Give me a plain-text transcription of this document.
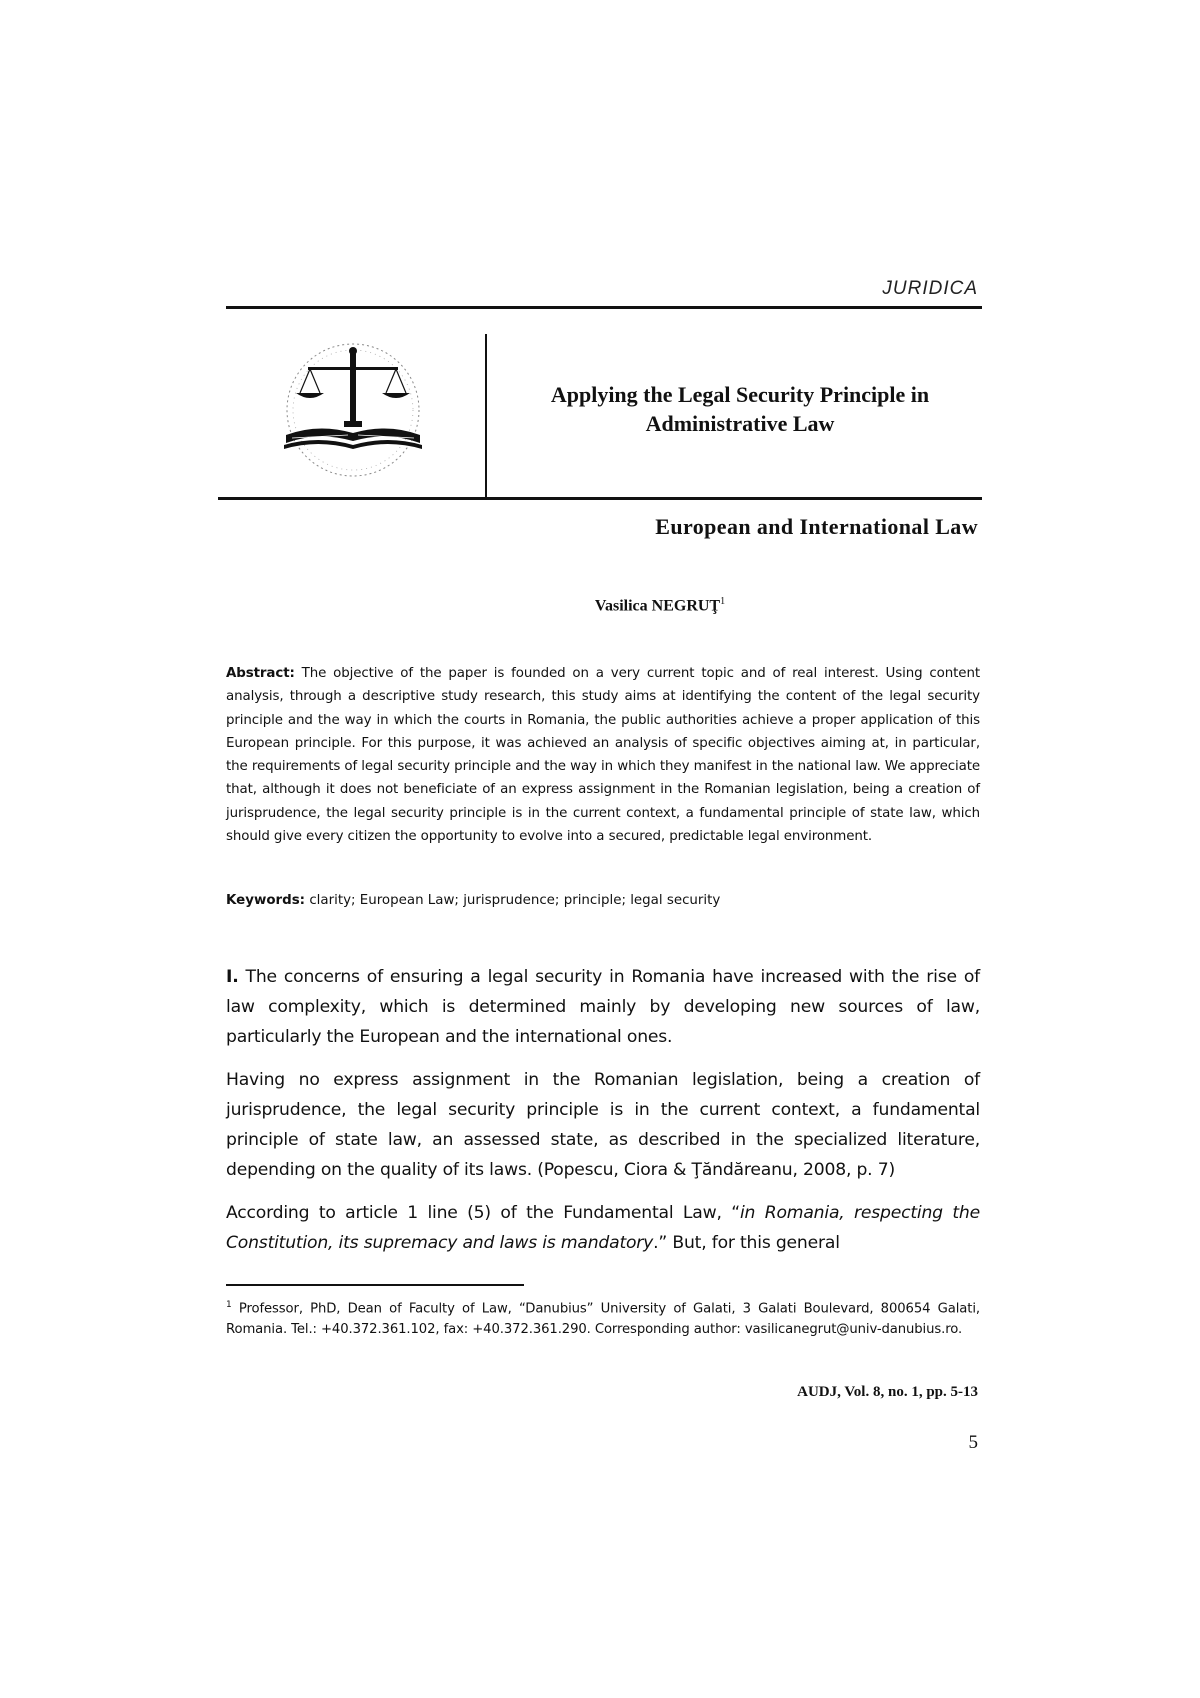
JURIDICA
Applying the Legal Security Principle in
Administrative Law
European and International Law
Vasilica NEGRUŢ$^1$
Abstract: The objective of the paper is founded on a very current topic and of real interest. Using content analysis, through a descriptive study research, this study aims at identifying the content of the legal security principle and the way in which the courts in Romania, the public authorities achieve a proper application of this European principle. For this purpose, it was achieved an analysis of specific objectives aiming at, in particular, the requirements of legal security principle and the way in which they manifest in the national law. We appreciate that, although it does not beneficiate of an express assignment in the Romanian legislation, being a creation of jurisprudence, the legal security principle is in the current context, a fundamental principle of state law, which should give every citizen the opportunity to evolve into a secured, predictable legal environment.
Keywords: clarity; European Law; jurisprudence; principle; legal security

I. The concerns of ensuring a legal security in Romania have increased with the rise of law complexity, which is determined mainly by developing new sources of law, particularly the European and the international ones.

Having no express assignment in the Romanian legislation, being a creation of jurisprudence, the legal security principle is in the current context, a fundamental principle of state law, an assessed state, as described in the specialized literature, depending on the quality of its laws. (Popescu, Ciora & Ţăndăreanu, 2008, p. 7)

According to article 1 line (5) of the Fundamental Law, “in Romania, respecting the Constitution, its supremacy and laws is mandatory.” But, for this general

$^1$ Professor, PhD, Dean of Faculty of Law, “Danubius” University of Galati, 3 Galati Boulevard, 800654 Galati, Romania. Tel.: +40.372.361.102, fax: +40.372.361.290. Corresponding author: vasilicanegrut@univ-danubius.ro.
AUDJ, Vol. 8, no. 1, pp. 5-13
5
